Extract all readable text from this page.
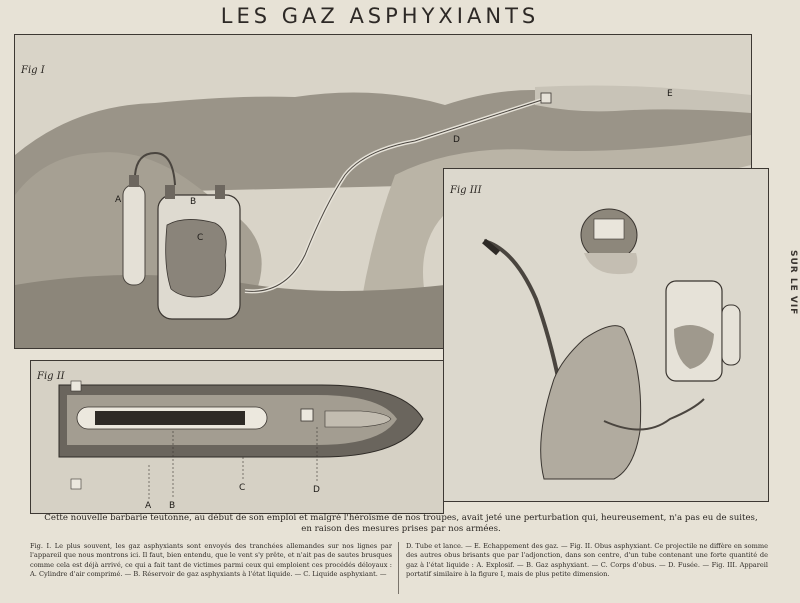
LES GAZ ASPHYXIANTS
SUR LE VIF
Fig I
A	B
C
D
E
Fig II
A B
C	D
Fig III
Cette nouvelle barbarie teutonne, au début de son emploi et malgré l'héroïsme de nos troupes, avait jeté une perturbation qui, heureusement, n'a pas eu de suites,
en raison des mesures prises par nos armées.
Fig. I. Le plus souvent, les gaz asphyxiants sont envoyés des tranchées allemandes sur nos lignes par l'appareil que nous montrons ici. Il faut, bien entendu, que le vent s'y prête, et n'ait pas de sautes brusques comme cela est déjà arrivé, ce qui a fait tant de victimes parmi ceux qui emploient ces procédés déloyaux : A. Cylindre d'air comprimé. — B. Réservoir de gaz asphyxiants à l'état liquide. — C. Liquide asphyxiant. —
D. Tube et lance. — E. Echappement des gaz. — Fig. II. Obus asphyxiant. Ce projectile ne diffère en somme des autres obus brisants que par l'adjonction, dans son centre, d'un tube contenant une forte quantité de gaz à l'état liquide : A. Explosif. — B. Gaz asphyxiant. — C. Corps d'obus. — D. Fusée. — Fig. III. Appareil portatif similaire à la figure I, mais de plus petite dimension.
